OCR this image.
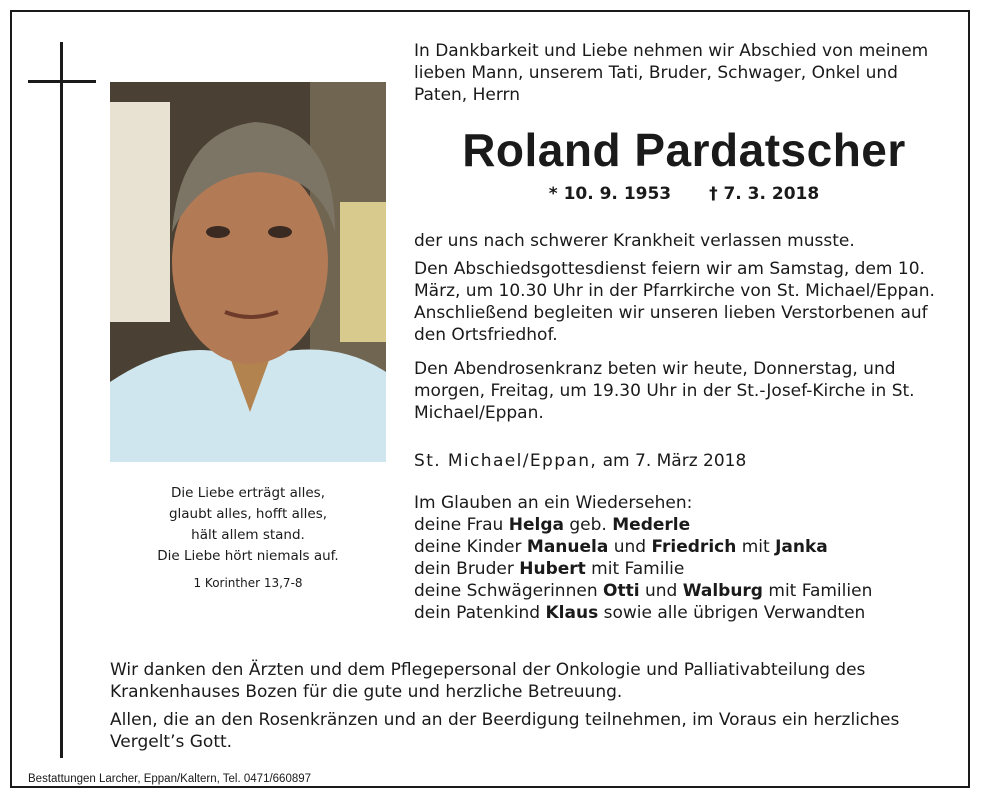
Die Liebe erträgt alles,
glaubt alles, hofft alles,
hält allem stand.
Die Liebe hört niemals auf.
1 Korinther 13,7-8
In Dankbarkeit und Liebe nehmen wir Abschied von meinem lieben Mann, unserem Tati, Bruder, Schwager, Onkel und Paten, Herrn
Roland Pardatscher
* 10. 9. 1953 † 7. 3. 2018
der uns nach schwerer Krankheit verlassen musste.
Den Abschiedsgottesdienst feiern wir am Samstag, dem 10. März, um 10.30 Uhr in der Pfarrkirche von St. Michael/Eppan. Anschließend begleiten wir unseren lieben Verstorbenen auf den Ortsfriedhof.
Den Abendrosenkranz beten wir heute, Donnerstag, und morgen, Freitag, um 19.30 Uhr in der St.-Josef-Kirche in St. Michael/Eppan.
St. Michael/Eppan, am 7. März 2018
Im Glauben an ein Wiedersehen:
deine Frau Helga geb. Mederle
deine Kinder Manuela und Friedrich mit Janka
dein Bruder Hubert mit Familie
deine Schwägerinnen Otti und Walburg mit Familien
dein Patenkind Klaus sowie alle übrigen Verwandten
Wir danken den Ärzten und dem Pflegepersonal der Onkologie und Palliativabteilung des Krankenhauses Bozen für die gute und herzliche Betreuung.
Allen, die an den Rosenkränzen und an der Beerdigung teilnehmen, im Voraus ein herzliches Vergelt’s Gott.
Bestattungen Larcher, Eppan/Kaltern, Tel. 0471/660897
